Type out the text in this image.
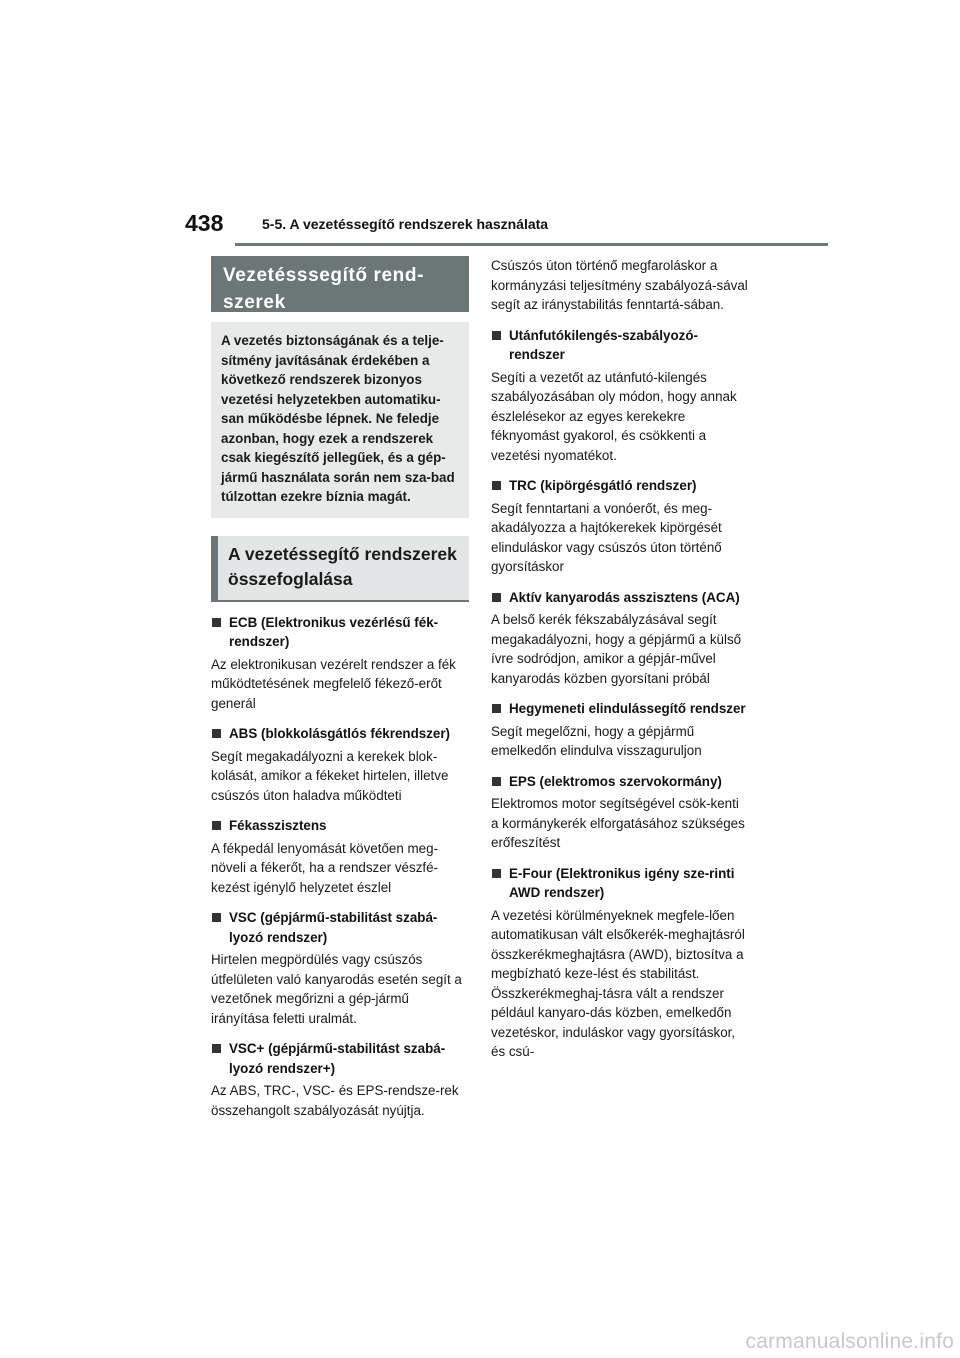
438	5-5. A vezetéssegítő rendszerek használata
Vezetésssegítő rend-szerek
A vezetés biztonságának és a telje-sítmény javításának érdekében a következő rendszerek bizonyos vezetési helyzetekben automatiku-san működésbe lépnek. Ne feledje azonban, hogy ezek a rendszerek csak kiegészítő jellegűek, és a gép-jármű használata során nem sza-bad túlzottan ezekre bíznia magát.
A vezetéssegítő rendszerek összefoglalása
ECB (Elektronikus vezérlésű fék-rendszer)
Az elektronikusan vezérelt rendszer a fék működtetésének megfelelő fékező-erőt generál
ABS (blokkolásgátlós fékrendszer)
Segít megakadályozni a kerekek blok-kolását, amikor a fékeket hirtelen, illetve csúszós úton haladva működteti
Fékasszisztens
A fékpedál lenyomását követően meg-növeli a fékerőt, ha a rendszer vészfé-kezést igénylő helyzetet észlel
VSC (gépjármű-stabilitást szabá-lyozó rendszer)
Hirtelen megpördülés vagy csúszós útfelületen való kanyarodás esetén segít a vezetőnek megőrizni a gép-jármű irányítása feletti uralmát.
VSC+ (gépjármű-stabilitást szabá-lyozó rendszer+)
Az ABS, TRC-, VSC- és EPS-rendsze-rek összehangolt szabályozását nyújtja.
Csúszós úton történő megfaroláskor a kormányzási teljesítmény szabályozá-sával segít az iránystabilitás fenntartá-sában.
Utánfutókilengés-szabályozó-rendszer
Segíti a vezetőt az utánfutó-kilengés szabályozásában oly módon, hogy annak észlelésekor az egyes kerekekre féknyomást gyakorol, és csökkenti a vezetési nyomatékot.
TRC (kipörgésgátló rendszer)
Segít fenntartani a vonóerőt, és meg-akadályozza a hajtókerekek kipörgését elinduláskor vagy csúszós úton történő gyorsításkor
Aktív kanyarodás asszisztens (ACA)
A belső kerék fékszabályzásával segít megakadályozni, hogy a gépjármű a külső ívre sodródjon, amikor a gépjár-művel kanyarodás közben gyorsítani próbál
Hegymeneti elindulássegítő rendszer
Segít megelőzni, hogy a gépjármű emelkedőn elindulva visszaguruljon
EPS (elektromos szervokormány)
Elektromos motor segítségével csök-kenti a kormánykerék elforgatásához szükséges erőfeszítést
E-Four (Elektronikus igény sze-rinti AWD rendszer)
A vezetési körülményeknek megfele-lően automatikusan vált elsőkerék-meghajtásról összkerékmeghajtásra (AWD), biztosítva a megbízható keze-lést és stabilitást. Összkerékmeghaj-tásra vált a rendszer például kanyaro-dás közben, emelkedőn vezetéskor, induláskor vagy gyorsításkor, és csú-
carmanualsonline.info
